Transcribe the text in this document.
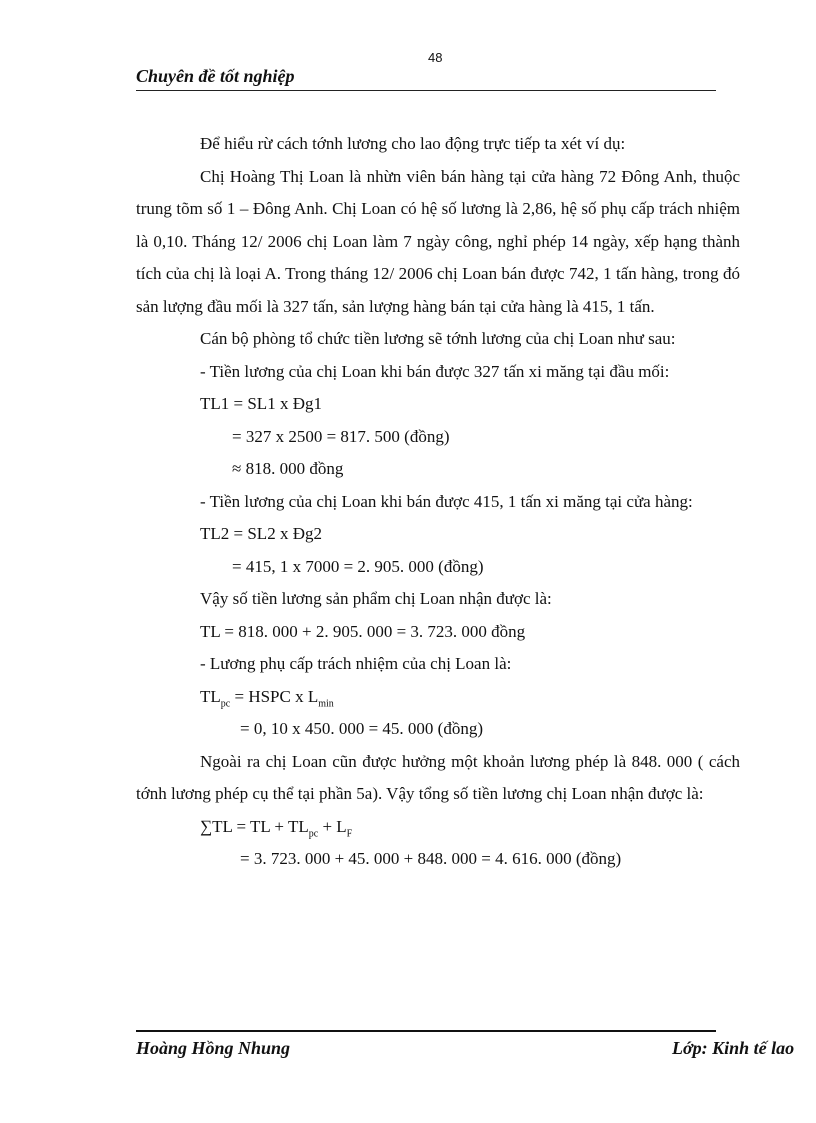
48
Chuyên đề tốt nghiệp

Để hiểu rừ cách tớnh lương cho lao động trực tiếp ta xét ví dụ:

Chị Hoàng Thị Loan là nhừn viên bán hàng tại cửa hàng 72 Đông Anh, thuộc trung tõm số 1 – Đông Anh. Chị Loan có hệ số lương là 2,86, hệ số phụ cấp trách nhiệm là 0,10. Tháng 12/ 2006 chị Loan làm 7 ngày công, nghỉ phép 14 ngày, xếp hạng thành tích của chị là loại A. Trong tháng 12/ 2006 chị Loan bán được 742, 1 tấn hàng, trong đó sản lượng đầu mối là 327 tấn, sản lượng hàng bán tại cửa hàng là 415, 1 tấn.

Cán bộ phòng tổ chức tiền lương sẽ tớnh lương của chị Loan như sau:

- Tiền lương của chị Loan khi bán được 327 tấn xi măng tại đầu mối:

TL1 = SL1 x Đg1

= 327 x 2500 = 817. 500 (đồng)

≈ 818. 000 đồng

- Tiền lương của chị Loan khi bán được 415, 1 tấn xi măng tại cửa hàng:

TL2 = SL2 x Đg2

= 415, 1 x 7000 = 2. 905. 000 (đồng)

Vậy số tiền lương sản phẩm chị Loan nhận được là:

TL = 818. 000 + 2. 905. 000 = 3. 723. 000 đồng

- Lương phụ cấp trách nhiệm của chị Loan là:

$TL_{pc}$ = HSPC x $L_{min}$

= 0, 10 x 450. 000 = 45. 000 (đồng)

Ngoài ra chị Loan cũn được hưởng một khoản lương phép là 848. 000 ( cách tớnh lương phép cụ thể tại phần 5a). Vậy tổng số tiền lương chị Loan nhận được là:

∑TL = TL + $TL_{pc} + L_F$

= 3. 723. 000 + 45. 000 + 848. 000 = 4. 616. 000 (đồng)

Hoàng Hồng Nhung	Lớp: Kinh tế lao
